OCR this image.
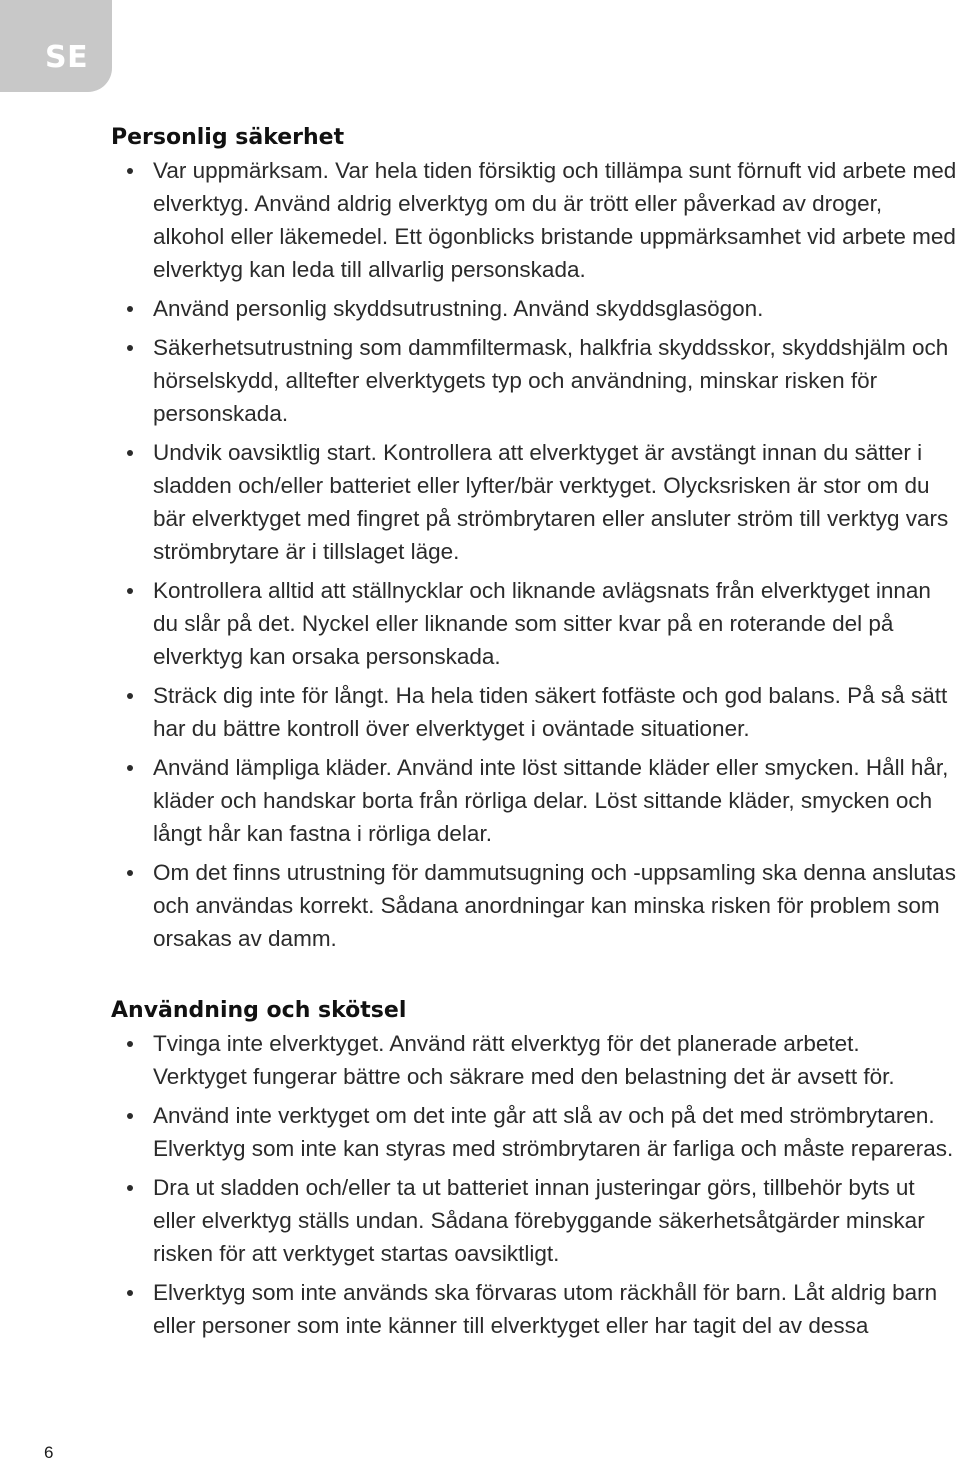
SE
Personlig säkerhet
Var uppmärksam. Var hela tiden försiktig och tillämpa sunt förnuft vid arbete med elverktyg. Använd aldrig elverktyg om du är trött eller påverkad av droger, alkohol eller läkemedel. Ett ögonblicks bristande uppmärksamhet vid arbete med elverktyg kan leda till allvarlig personskada.
Använd personlig skyddsutrustning. Använd skyddsglasögon.
Säkerhetsutrustning som dammfiltermask, halkfria skyddsskor, skyddshjälm och hörselskydd, alltefter elverktygets typ och användning, minskar risken för personskada.
Undvik oavsiktlig start. Kontrollera att elverktyget är avstängt innan du sätter i sladden och/eller batteriet eller lyfter/bär verktyget. Olycksrisken är stor om du bär elverktyget med fingret på strömbrytaren eller ansluter ström till verktyg vars strömbrytare är i tillslaget läge.
Kontrollera alltid att ställnycklar och liknande avlägsnats från elverktyget innan du slår på det. Nyckel eller liknande som sitter kvar på en roterande del på elverktyg kan orsaka personskada.
Sträck dig inte för långt. Ha hela tiden säkert fotfäste och god balans. På så sätt har du bättre kontroll över elverktyget i oväntade situationer.
Använd lämpliga kläder. Använd inte löst sittande kläder eller smycken. Håll hår, kläder och handskar borta från rörliga delar. Löst sittande kläder, smycken och långt hår kan fastna i rörliga delar.
Om det finns utrustning för dammutsugning och -uppsamling ska denna anslutas och användas korrekt. Sådana anordningar kan minska risken för problem som orsakas av damm.
Användning och skötsel
Tvinga inte elverktyget. Använd rätt elverktyg för det planerade arbetet. Verktyget fungerar bättre och säkrare med den belastning det är avsett för.
Använd inte verktyget om det inte går att slå av och på det med strömbrytaren. Elverktyg som inte kan styras med strömbrytaren är farliga och måste repareras.
Dra ut sladden och/eller ta ut batteriet innan justeringar görs, tillbehör byts ut eller elverktyg ställs undan. Sådana förebyggande säkerhetsåtgärder minskar risken för att verktyget startas oavsiktligt.
Elverktyg som inte används ska förvaras utom räckhåll för barn. Låt aldrig barn eller personer som inte känner till elverktyget eller har tagit del av dessa
6
